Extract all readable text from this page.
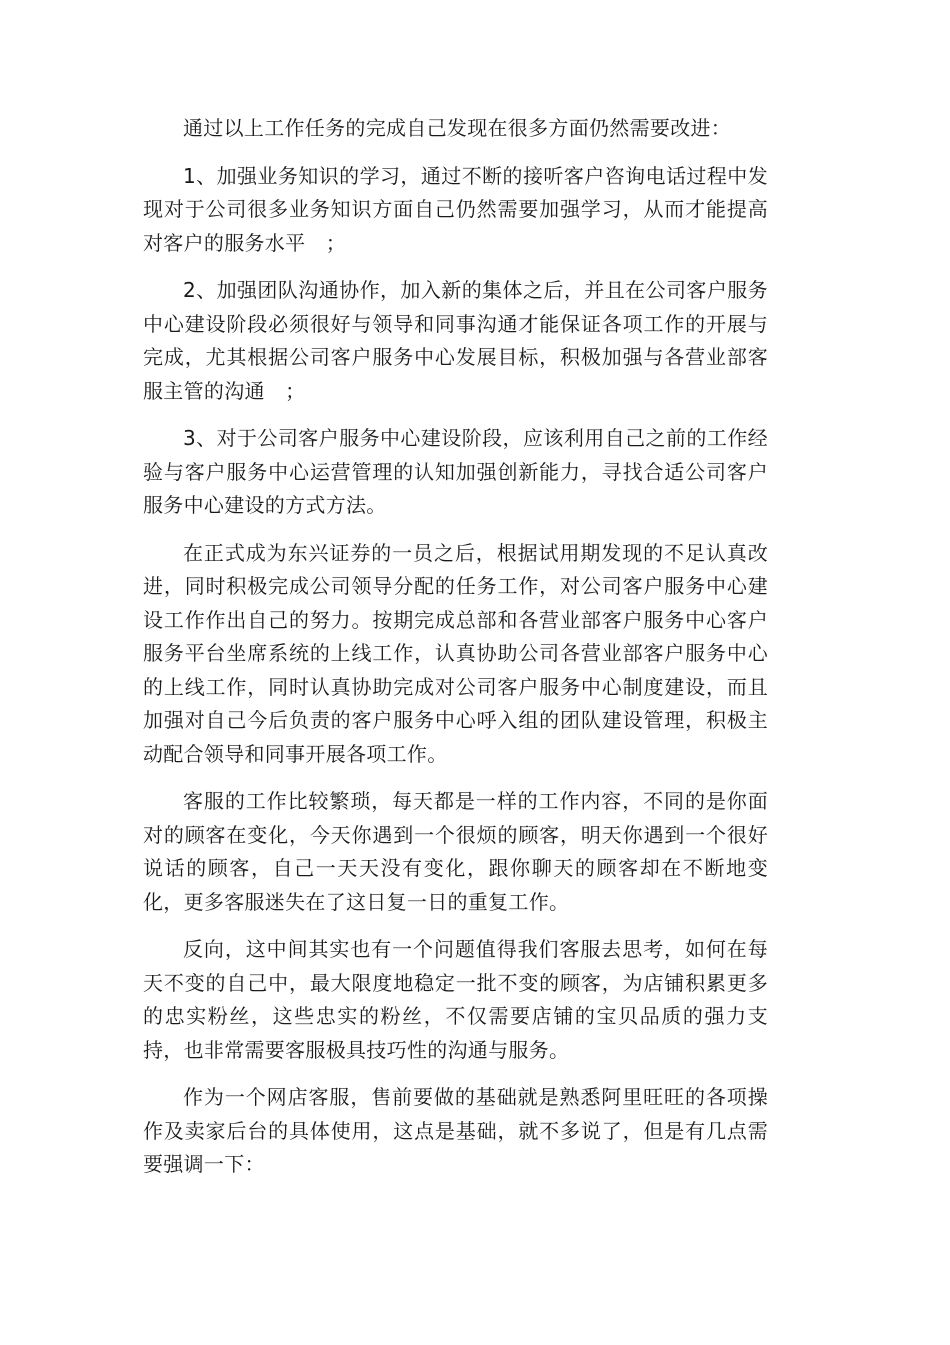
通过以上工作任务的完成自己发现在很多方面仍然需要改进：

1、加强业务知识的学习，通过不断的接听客户咨询电话过程中发现对于公司很多业务知识方面自己仍然需要加强学习，从而才能提高对客户的服务水平　；

2、加强团队沟通协作，加入新的集体之后，并且在公司客户服务中心建设阶段必须很好与领导和同事沟通才能保证各项工作的开展与完成，尤其根据公司客户服务中心发展目标，积极加强与各营业部客服主管的沟通　；

3、对于公司客户服务中心建设阶段，应该利用自己之前的工作经验与客户服务中心运营管理的认知加强创新能力，寻找合适公司客户服务中心建设的方式方法。

在正式成为东兴证券的一员之后，根据试用期发现的不足认真改进，同时积极完成公司领导分配的任务工作，对公司客户服务中心建设工作作出自己的努力。按期完成总部和各营业部客户服务中心客户服务平台坐席系统的上线工作，认真协助公司各营业部客户服务中心的上线工作，同时认真协助完成对公司客户服务中心制度建设，而且加强对自己今后负责的客户服务中心呼入组的团队建设管理，积极主动配合领导和同事开展各项工作。

客服的工作比较繁琐，每天都是一样的工作内容，不同的是你面对的顾客在变化，今天你遇到一个很烦的顾客，明天你遇到一个很好说话的顾客，自己一天天没有变化，跟你聊天的顾客却在不断地变化，更多客服迷失在了这日复一日的重复工作。

反向，这中间其实也有一个问题值得我们客服去思考，如何在每天不变的自己中，最大限度地稳定一批不变的顾客，为店铺积累更多的忠实粉丝，这些忠实的粉丝，不仅需要店铺的宝贝品质的强力支持，也非常需要客服极具技巧性的沟通与服务。

作为一个网店客服，售前要做的基础就是熟悉阿里旺旺的各项操作及卖家后台的具体使用，这点是基础，就不多说了，但是有几点需要强调一下：
